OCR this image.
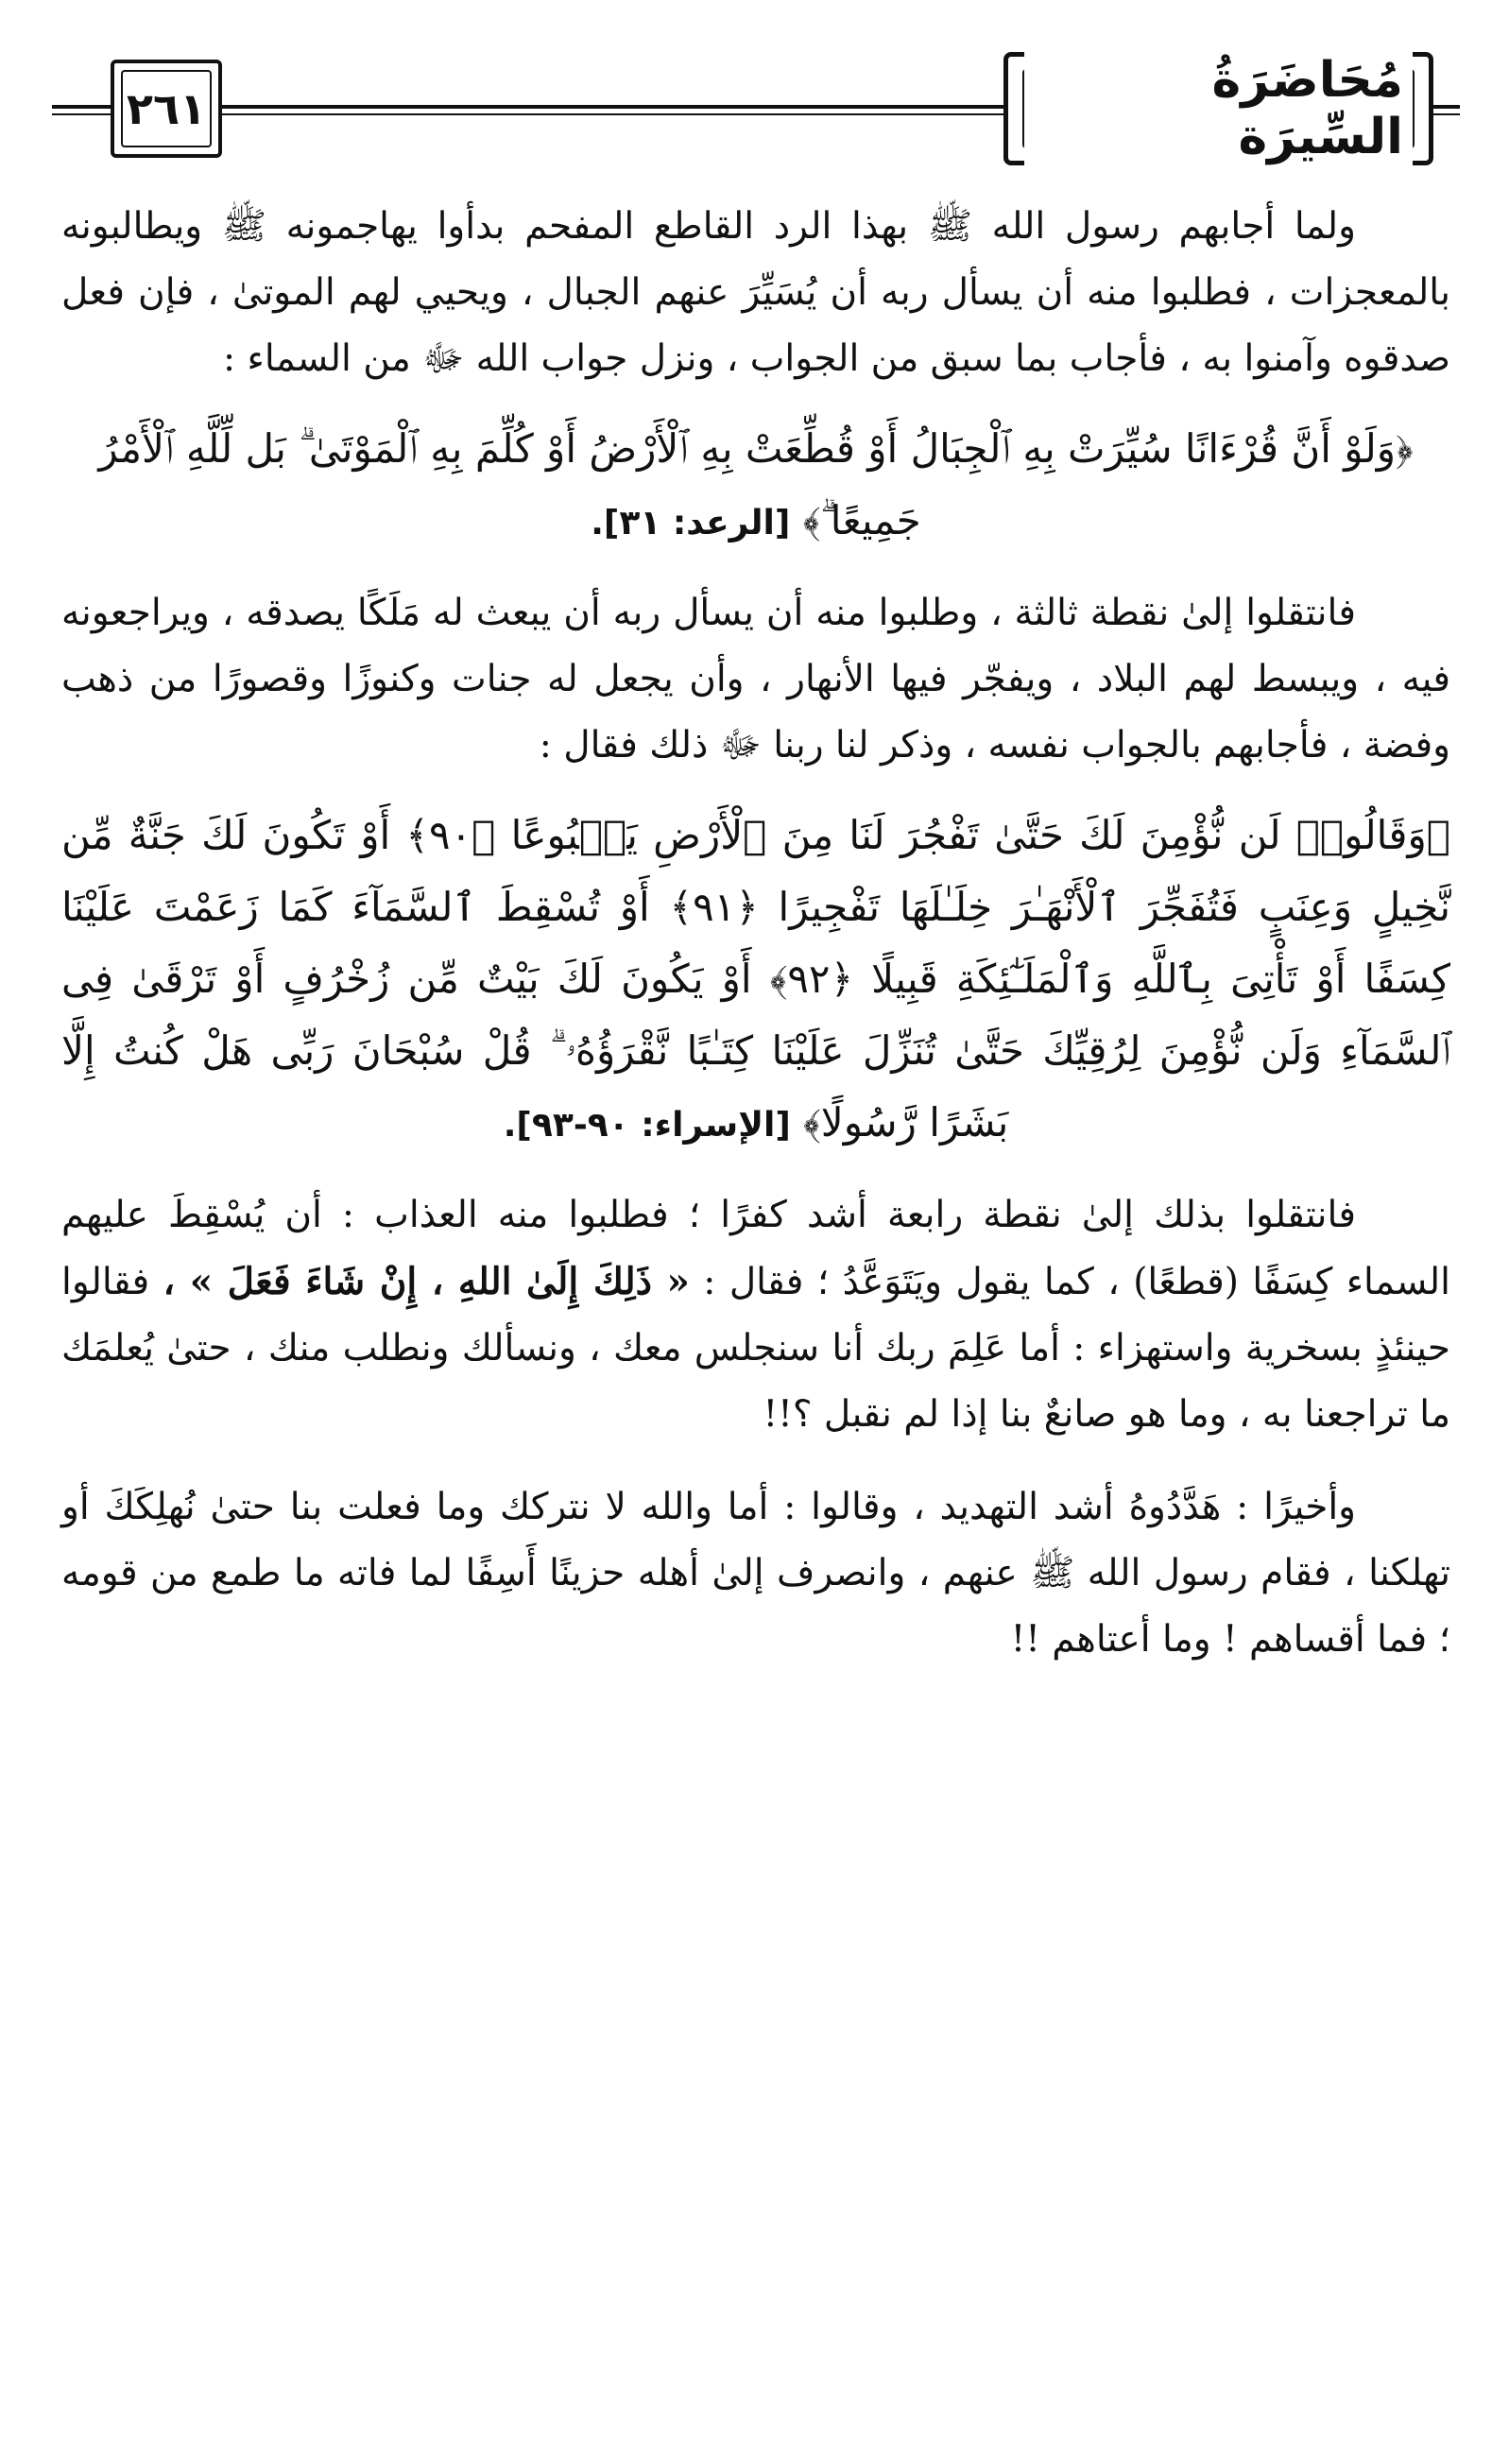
٢٦١	مُحَاضَرَةُ السِّيرَة

ولما أجابهم رسول الله ﷺ بهذا الرد القاطع المفحم بدأوا يهاجمونه ﷺ ويطالبونه بالمعجزات ، فطلبوا منه أن يسأل ربه أن يُسَيِّرَ عنهم الجبال ، ويحيي لهم الموتىٰ ، فإن فعل صدقوه وآمنوا به ، فأجاب بما سبق من الجواب ، ونزل جواب الله ﷻ من السماء :

﴿وَلَوْ أَنَّ قُرْءَانًا سُيِّرَتْ بِهِ ٱلْجِبَالُ أَوْ قُطِّعَتْ بِهِ ٱلْأَرْضُ أَوْ كُلِّمَ بِهِ ٱلْمَوْتَىٰ ۗ بَل لِّلَّهِ ٱلْأَمْرُ جَمِيعًا ۗ﴾ [الرعد: ٣١].

فانتقلوا إلىٰ نقطة ثالثة ، وطلبوا منه أن يسأل ربه أن يبعث له مَلَكًا يصدقه ، ويراجعونه فيه ، ويبسط لهم البلاد ، ويفجّر فيها الأنهار ، وأن يجعل له جنات وكنوزًا وقصورًا من ذهب وفضة ، فأجابهم بالجواب نفسه ، وذكر لنا ربنا ﷻ ذلك فقال :

﴿وَقَالُوا۟ لَن نُّؤْمِنَ لَكَ حَتَّىٰ تَفْجُرَ لَنَا مِنَ ٱلْأَرْضِ يَنۢبُوعًا ﴿٩٠﴾ أَوْ تَكُونَ لَكَ جَنَّةٌ مِّن نَّخِيلٍ وَعِنَبٍ فَتُفَجِّرَ ٱلْأَنْهَـٰرَ خِلَـٰلَهَا تَفْجِيرًا ﴿٩١﴾ أَوْ تُسْقِطَ ٱلسَّمَآءَ كَمَا زَعَمْتَ عَلَيْنَا كِسَفًا أَوْ تَأْتِىَ بِٱللَّهِ وَٱلْمَلَـٰٓئِكَةِ قَبِيلًا ﴿٩٢﴾ أَوْ يَكُونَ لَكَ بَيْتٌ مِّن زُخْرُفٍ أَوْ تَرْقَىٰ فِى ٱلسَّمَآءِ وَلَن نُّؤْمِنَ لِرُقِيِّكَ حَتَّىٰ تُنَزِّلَ عَلَيْنَا كِتَـٰبًا نَّقْرَؤُهُۥ ۗ قُلْ سُبْحَانَ رَبِّى هَلْ كُنتُ إِلَّا بَشَرًا رَّسُولًا﴾ [الإسراء: ٩٠-٩٣].

فانتقلوا بذلك إلىٰ نقطة رابعة أشد كفرًا ؛ فطلبوا منه العذاب : أن يُسْقِطَ عليهم السماء كِسَفًا (قطعًا) ، كما يقول ويَتَوَعَّدُ ؛ فقال : « ذَلِكَ إِلَىٰ اللهِ ، إِنْ شَاءَ فَعَلَ » ، فقالوا حينئذٍ بسخرية واستهزاء : أما عَلِمَ ربك أنا سنجلس معك ، ونسألك ونطلب منك ، حتىٰ يُعلمَك ما تراجعنا به ، وما هو صانعٌ بنا إذا لم نقبل ؟!!

وأخيرًا : هَدَّدُوهُ أشد التهديد ، وقالوا : أما والله لا نتركك وما فعلت بنا حتىٰ نُهلِكَكَ أو تهلكنا ، فقام رسول الله ﷺ عنهم ، وانصرف إلىٰ أهله حزينًا أَسِفًا لما فاته ما طمع من قومه ؛ فما أقساهم ! وما أعتاهم !!
